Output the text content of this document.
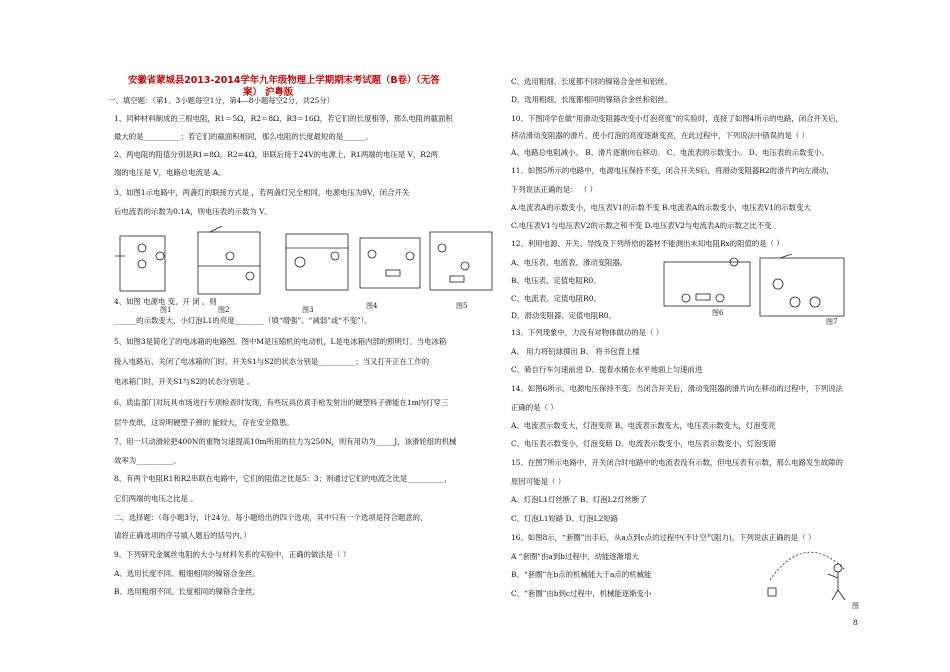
安徽省蒙城县2013-2014学年九年级物理上学期期末考试题（B卷）（无答
案） 沪粤版
一、填空题：（第1、3小题每空1分，第4—8小题每空2分，共25分）
1、同种材料制成的三根电阻，R1＝5Ω，R2＝8Ω，R3＝16Ω，若它们的长度相等，那么电阻的截面积
最大的是__________；若它们的截面积相同，那么电阻的长度最短的是______。
2、两电阻的阻值分别是R1=8Ω，R2=4Ω，串联后接于24V的电源上，R1两端的电压是 V，R2两
端的电压是 V，电路总电流是 A。
3、如图1示电路中，两盏灯的联接方式是 ，若两盏灯完全相同，电源电压为9V，闭合开关
后电流表的示数为0.1A，则电压表的示数为 V。
4、如图 电源电 变，开 闭 ，则
______的示数变大，小灯泡L1的亮度________（填“增强”、“减弱”或“不变”）。
5、如图3是简化了的电冰箱的电路图。图中M是压缩机的电动机，L是电冰箱内部的照明灯。当电冰箱
接入电路后，关闭了电冰箱的门时，开关S1与S2的状态分别是__________；当又打开正在工作的
电冰箱门时，开关S1与S2的状态分别是 。
6、质监部门对玩具市场进行专项检查时发现，有些玩具仿真手枪发射出的硬塑料子弹能在1m内打穿三
层牛皮纸，这说明硬塑子弹的 能较大，存在安全隐患。
7、用一只动滑轮把400N的重物匀速提高10m所用的拉力为250N，则有用功为_____J，该滑轮组的机械
效率为__________。
8、有两个电阻R1和R2串联在电路中，它们的阻值之比是5：3；则通过它们的电流之比是__________，
它们两端的电压之比是 。
二、选择题：（每小题3分，计24分。每小题给出的四个选项，其中只有一个选项是符合题意的，
请将正确选项的序号填入题后的括号内。）
9、下列研究金属丝电阻的大小与材料关系的实验中，正确的做法是（ ）
A、选用长度不同、粗细相同的镍铬合金丝。
B、选用粗细不同、长度相同的镍铬合金丝。
图1	图2	图3	图4	图5
C、选用粗细、长度都不同的镍铬合金丝和铝丝。
D、选用粗细、长度都相同的镍铬合金丝和铝丝。
10、下图同学在做“用滑动变阻器改变小灯泡亮度”的实验时，连接了如图4所示的电路，闭合开关后，
移动滑动变阻器的滑片，使小灯泡的亮度逐渐变亮，在此过程中，下列说法中错误的是（ ）
A、电路总电阻减小。 B、滑片逐渐向右移动。 C、电流表的示数变小。 D、电压表的示数变小。
11、如图5所示的电路中，电源电压保持不变，闭合开关S后，将滑动变阻器R2的滑片P向左滑动，
下列说法正确的是： （ ）
A.电流表A的示数变小，电压表V1的示数不变 B.电流表A的示数变小，电压表V1的示数变大
C.电压表V1与电压表V2的示数之和不变 D.电压表V2与电流表A的示数之比不变
12、利用电源、开关、导线及下列所给的器材不能测出未知电阻Rx的阻值的是（ ）
A、电压表、电流表、滑动变阻器。
B、电压表、定值电阻R0。
C、电流表、定值电阻R0。
D、滑动变阻器、定值电阻R0。
13、下列现象中，力没有对物体做功的是（ ）
A、 用力将铅球掷出 B、 将书包背上楼
C、骑自行车匀速前进 D、提着水桶在水平地面上匀速前进
14、如图6所示，电源电压保持不变。当闭合开关后，滑动变阻器的滑片向左移动的过程中，下列说法
正确的是（ ）
A、电流表示数变大，灯泡变亮 B、电流表示数变大，电压表示数变大，灯泡变亮
C、电压表示数变小，灯泡变暗 D、电流表示数变小，电压表示数变小，灯泡变暗
15、在图7所示电路中，开关闭合时电路中的电流表没有示数，但电压表有示数，那么电路发生故障的
原因可能是（ ）
A、灯泡L1灯丝断了 B、灯泡L2灯丝断了
C、灯泡L1短路 D、灯泡L2短路
16、如图8示，“套圈”出手后，从a点到c点的过程中(不计空气阻力)，下列说法正确的是（ ）
A “套圈”由a到b过程中，动能逐渐增大
B、“套圈”在b点的机械能大于a点的机械能
C、“套圈”由b到c过程中，机械能逐渐变小
图6
图7
图
8
